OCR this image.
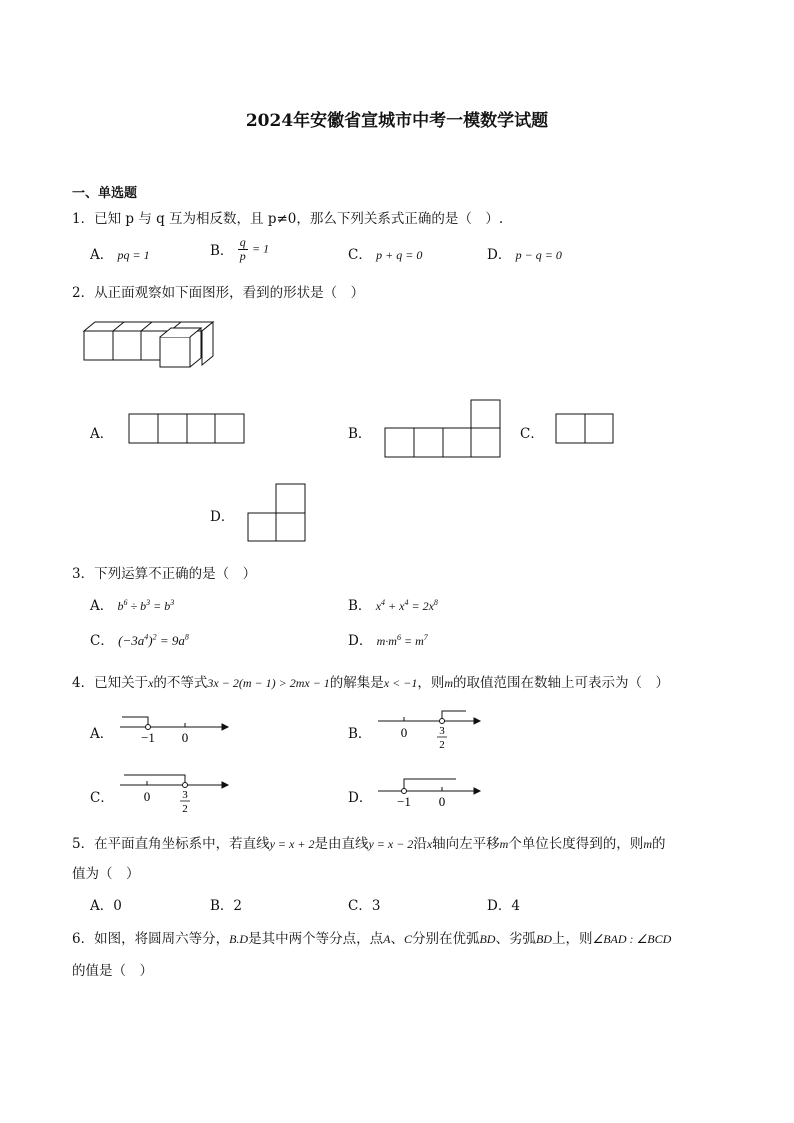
2024年安徽省宣城市中考一模数学试题
一、单选题
1．已知 p 与 q 互为相反数，且 p≠0，那么下列关系式正确的是（　）.
A． pq = 1	B． $\frac{q}{p} = 1$	C． p + q = 0	D． p − q = 0
2．从正面观察如下面图形，看到的形状是（　）
A．	B．	C．
D．
3．下列运算不正确的是（　）
A． $b^6 \div b^3 = b^3$	B． $x^4 + x^4 = 2x^8$
C． $(-3a^4)^2 = 9a^8$	D． $m\cdot m^6 = m^7$
4．已知关于x的不等式3x − 2(m − 1) > 2mx − 1的解集是x < −1，则m的取值范围在数轴上可表示为（　）
A． −1 0	B． 0	3
2
C． 0	3
2
D． −1 0
5．在平面直角坐标系中，若直线y = x + 2是由直线y = x − 2沿x轴向左平移m个单位长度得到的，则m的
值为（　）
A．0	B．2	C．3	D．4
6．如图，将圆周六等分，B.D是其中两个等分点，点A、C分别在优弧BD、劣弧BD上，则∠BAD : ∠BCD
的值是（　）
